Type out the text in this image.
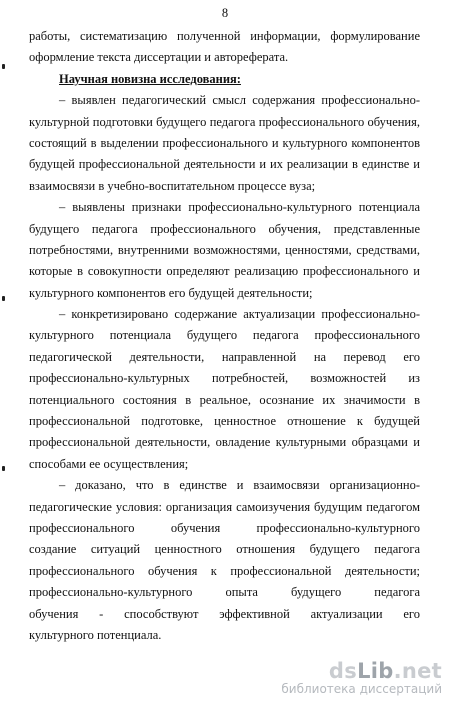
8
работы, систематизацию полученной информации, формулирование
оформление текста диссертации и автореферата.
Научная новизна исследования:
– выявлен педагогический смысл содержания профессионально-
культурной подготовки будущего педагога профессионального обучения,
состоящий в выделении профессионального и культурного компонентов
будущей профессиональной деятельности и их реализации в единстве и
взаимосвязи в учебно-воспитательном процессе вуза;
– выявлены признаки профессионально-культурного потенциала
будущего педагога профессионального обучения, представленные
потребностями, внутренними возможностями, ценностями, средствами,
которые в совокупности определяют реализацию профессионального и
культурного компонентов его будущей деятельности;
– конкретизировано содержание актуализации профессионально-
культурного потенциала будущего педагога профессионального
педагогической деятельности, направленной на перевод его
профессионально-культурных потребностей, возможностей из
потенциального состояния в реальное, осознание их значимости в
профессиональной подготовке, ценностное отношение к будущей
профессиональной деятельности, овладение культурными образцами и
способами ее осуществления;
– доказано, что в единстве и взаимосвязи организационно-
педагогические условия: организация самоизучения будущим педагогом
профессионального обучения профессионально-культурного
создание ситуаций ценностного отношения будущего педагога
профессионального обучения к профессиональной деятельности;
профессионально-культурного опыта будущего педагога
обучения - способствуют эффективной актуализации его
культурного потенциала.
dsLib.net
библиотека диссертаций
